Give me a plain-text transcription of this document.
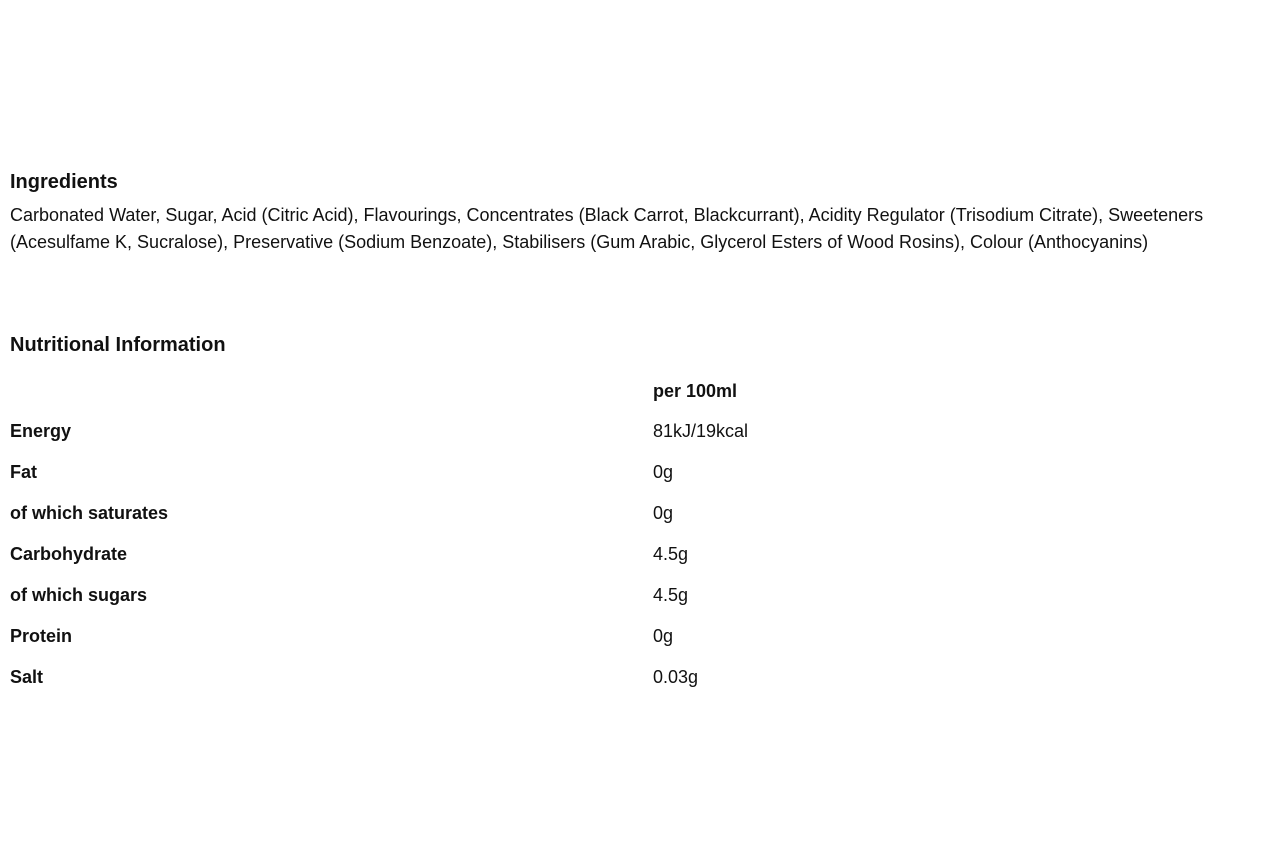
Ingredients

Carbonated Water, Sugar, Acid (Citric Acid), Flavourings, Concentrates (Black Carrot, Blackcurrant), Acidity Regulator (Trisodium Citrate), Sweeteners (Acesulfame K, Sucralose), Preservative (Sodium Benzoate), Stabilisers (Gum Arabic, Glycerol Esters of Wood Rosins), Colour (Anthocyanins)

Nutritional Information
	per 100ml
Energy	81kJ/19kcal
Fat	0g
of which saturates	0g
Carbohydrate	4.5g
of which sugars	4.5g
Protein	0g
Salt	0.03g
